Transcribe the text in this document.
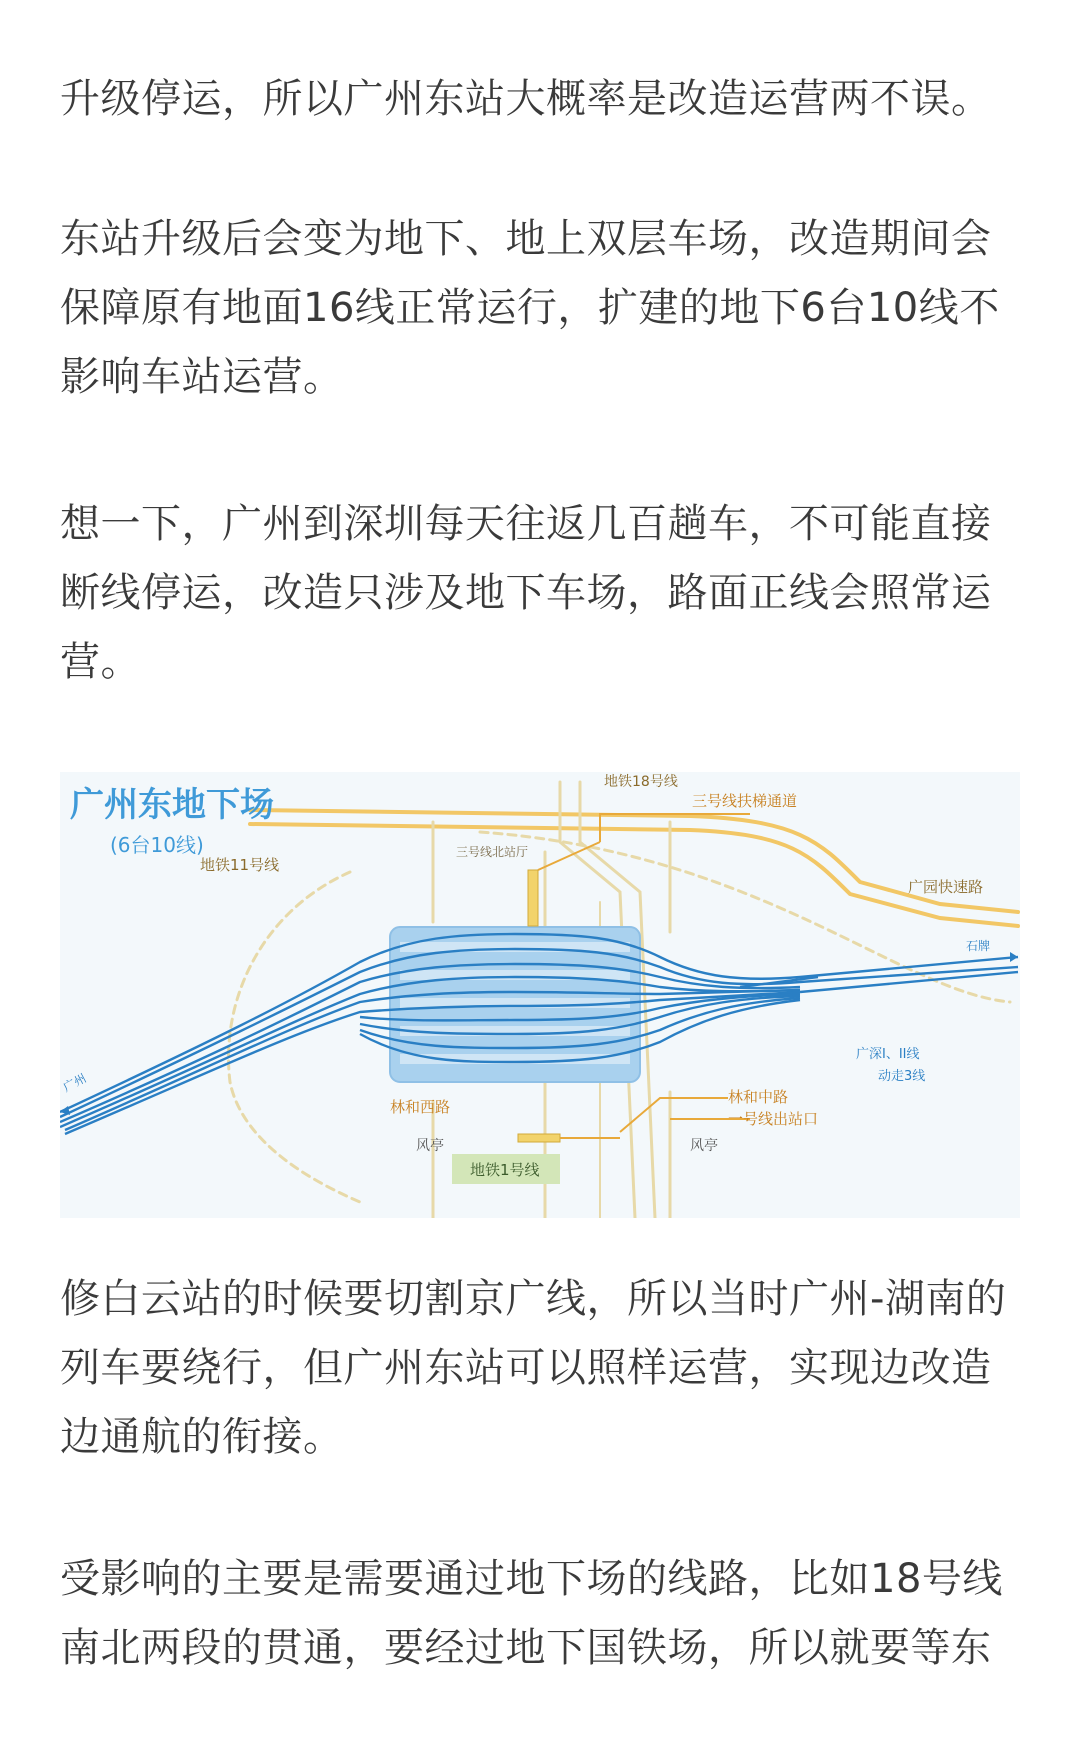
升级停运，所以广州东站大概率是改造运营两不误。

东站升级后会变为地下、地上双层车场，改造期间会
保障原有地面16线正常运行，扩建的地下6台10线不
影响车站运营。

想一下，广州到深圳每天往返几百趟车，不可能直接
断线停运，改造只涉及地下车场，路面正线会照常运
营。

广州东地下场
(6台10线)
地铁18号线
三号线扶梯通道
三号线北站厅
地铁11号线
广园快速路
石牌
广州
广深I、II线
动走3线
林和西路
林和中路
一号线出站口
风亭	风亭
地铁1号线

修白云站的时候要切割京广线，所以当时广州-湖南的
列车要绕行，但广州东站可以照样运营，实现边改造
边通航的衔接。

受影响的主要是需要通过地下场的线路，比如18号线
南北两段的贯通，要经过地下国铁场，所以就要等东
